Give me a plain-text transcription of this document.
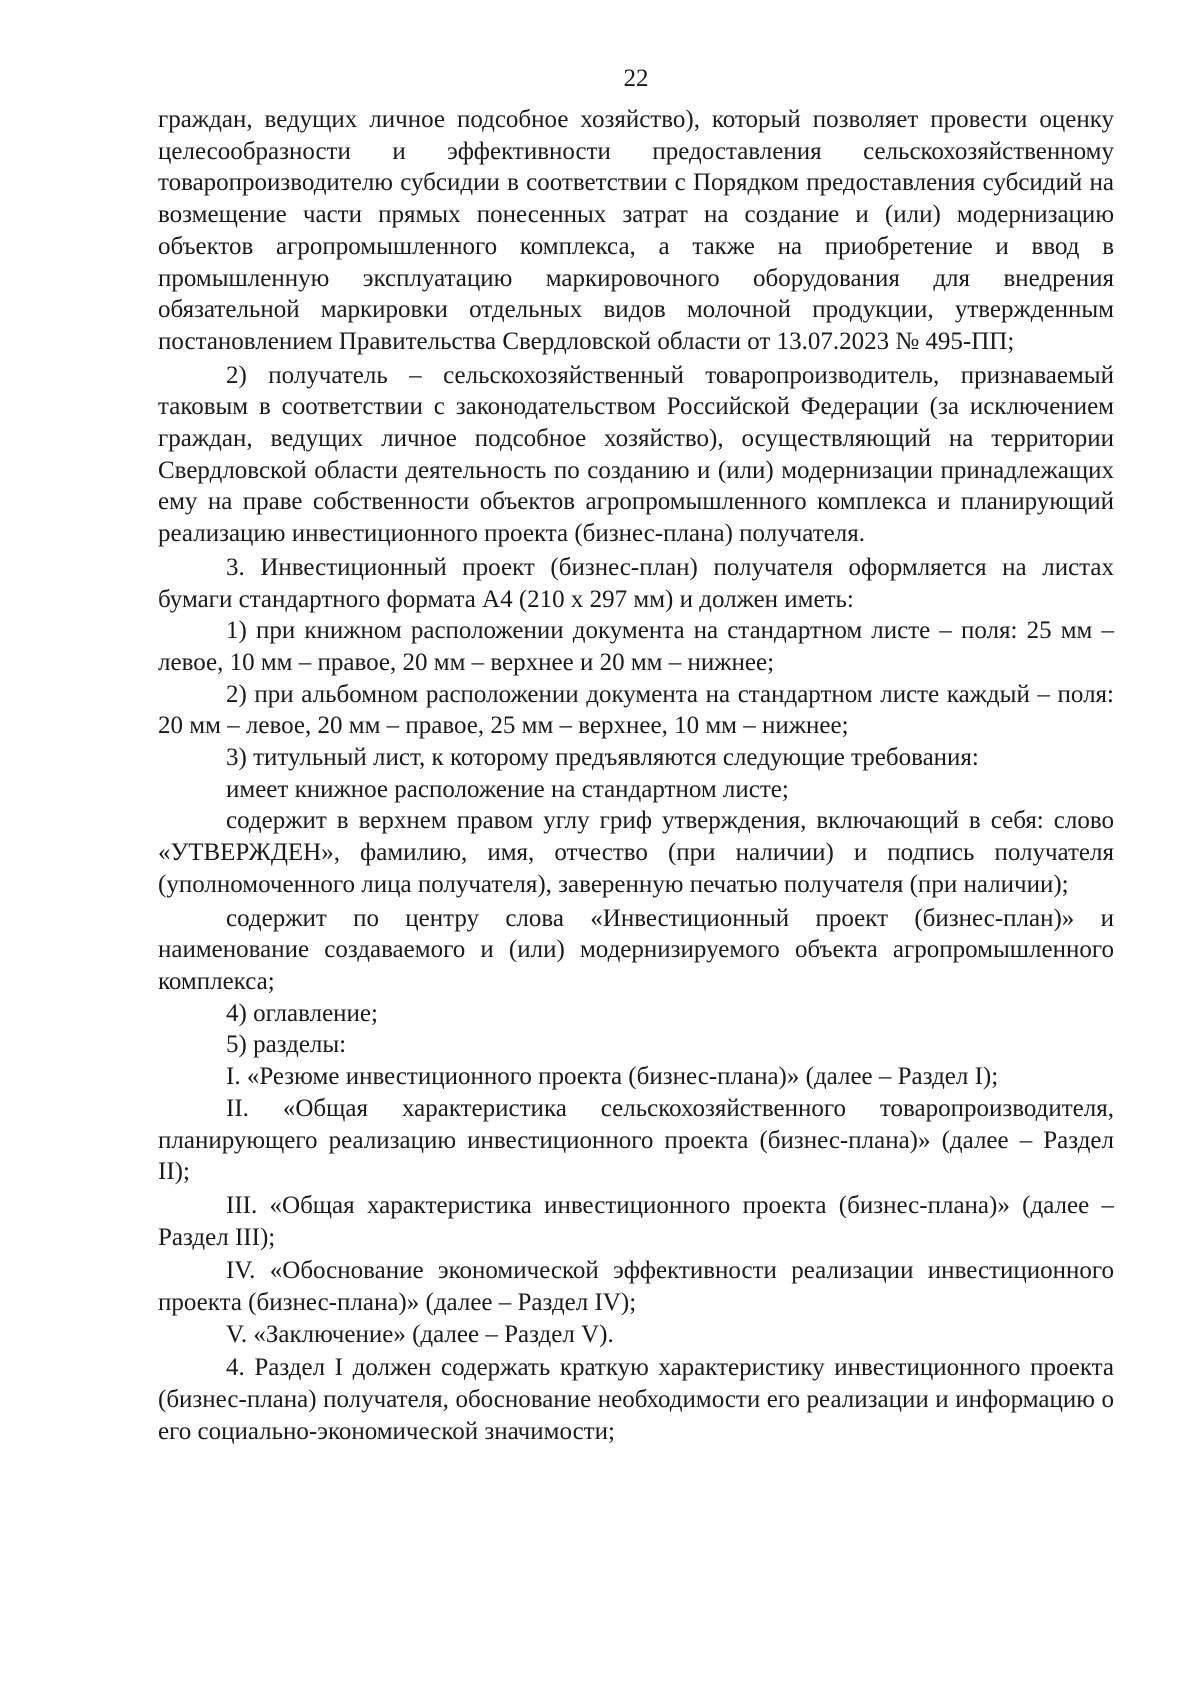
22

граждан, ведущих личное подсобное хозяйство), который позволяет провести оценку целесообразности и эффективности предоставления сельскохозяйственному товаропроизводителю субсидии в соответствии с Порядком предоставления субсидий на возмещение части прямых понесенных затрат на создание и (или) модернизацию объектов агропромышленного комплекса, а также на приобретение и ввод в промышленную эксплуатацию маркировочного оборудования для внедрения обязательной маркировки отдельных видов молочной продукции, утвержденным постановлением Правительства Свердловской области от 13.07.2023 № 495-ПП;

2) получатель – сельскохозяйственный товаропроизводитель, признаваемый таковым в соответствии с законодательством Российской Федерации (за исключением граждан, ведущих личное подсобное хозяйство), осуществляющий на территории Свердловской области деятельность по созданию и (или) модернизации принадлежащих ему на праве собственности объектов агропромышленного комплекса и планирующий реализацию инвестиционного проекта (бизнес-плана) получателя.

3. Инвестиционный проект (бизнес-план) получателя оформляется на листах бумаги стандартного формата А4 (210 х 297 мм) и должен иметь:

1) при книжном расположении документа на стандартном листе – поля: 25 мм – левое, 10 мм – правое, 20 мм – верхнее и 20 мм – нижнее;

2) при альбомном расположении документа на стандартном листе каждый – поля: 20 мм – левое, 20 мм – правое, 25 мм – верхнее, 10 мм – нижнее;

3) титульный лист, к которому предъявляются следующие требования:

имеет книжное расположение на стандартном листе;

содержит в верхнем правом углу гриф утверждения, включающий в себя: слово «УТВЕРЖДЕН», фамилию, имя, отчество (при наличии) и подпись получателя (уполномоченного лица получателя), заверенную печатью получателя (при наличии);

содержит по центру слова «Инвестиционный проект (бизнес-план)» и наименование создаваемого и (или) модернизируемого объекта агропромышленного комплекса;

4) оглавление;

5) разделы:

I. «Резюме инвестиционного проекта (бизнес-плана)» (далее – Раздел I);

II. «Общая характеристика сельскохозяйственного товаропроизводителя, планирующего реализацию инвестиционного проекта (бизнес-плана)» (далее – Раздел II);

III. «Общая характеристика инвестиционного проекта (бизнес-плана)» (далее – Раздел III);

IV. «Обоснование экономической эффективности реализации инвестиционного проекта (бизнес-плана)» (далее – Раздел IV);

V. «Заключение» (далее – Раздел V).

4. Раздел I должен содержать краткую характеристику инвестиционного проекта (бизнес-плана) получателя, обоснование необходимости его реализации и информацию о его социально-экономической значимости;
